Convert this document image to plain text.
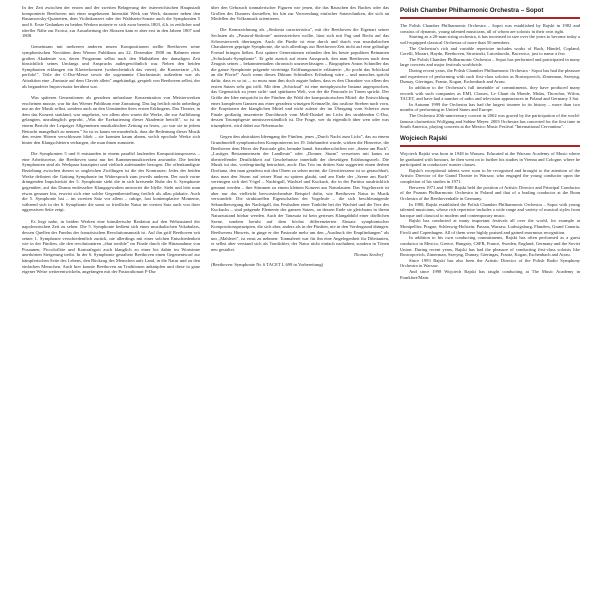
In der Zeit zwischen der ersten und der zweiten Belagerung der österreichischen Hauptstadt komponierte Beethoven mit einer ungeheuren Intensität Werk um Werk, darunter neben den Rasumowsky-Quartetten, dem Violinkonzert oder der Waldstein-Sonate auch die Symphonien 5 und 6. Erste Gedanken zu beiden Werken notierte er sich zwar bereits 1803, d.h. in zeitlicher und ideeller Nähe zur Eroica, zur Ausarbeitung der Skizzen kam er aber erst in den Jahren 1807 und 1808.

Gemeinsam mit mehreren anderen neuen Kompositionen stellte Beethoven seine symphonischen Novitäten dem Wiener Publikum am 22. Dezember 1808 im Rahmen einer großen Akademie vor, deren Programm selbst nach den Maßstäben der damaligen Zeit hinsichtlich seines Umfangs und Anspruchs außergewöhnlich war. Neben den beiden Symphonien erklangen ein Klavierkonzert (wahrscheinlich das vierte), die Konzertarie „Ah, perfido!", Teile der C-Dur-Messe sowie die sogenannte Chorfantasie; außerdem war als Attraktion eine „Fantasie auf dem Claviér allein" angekündigt, gespielt von Beethoven selbst, der als begnadeter Improvisator berühmt war.

Was späteren Generationen als geradezu unfassbare Konzentration von Meisterwerken erscheinen musste, war für das Wiener Publikum eine Zumutung. Das lag freilich nicht unbedingt nur an der Musik selbst, sondern auch an den Umständen ihres ersten Erklingens. Das Theater, in dem das Konzert stattfand, war ungeheizt, vor allem aber waren die Werke, die zur Aufführung gelangten, unzulänglich geprobt. „Was die Exekutierung dieser Akademie betrifft", so ist in einem Bericht der Leipziger Allgemeinen musikalischen Zeitung zu lesen, „so war sie in jedem Betracht mangelhaft zu nennen." So ist es kaum verwunderlich, dass die Bedeutung dieser Musik den ersten Hörern verschlossen blieb – sie konnten kaum ahnen, welch epochale Werke sich hinter den Klangschleiern verbargen, die man ihnen zumutete.

Die Symphonien 5 und 6 entstanden in einem parallel laufenden Kompositionsprozess – eine Arbeitsweise, die Beethoven sonst nur bei Kammermusikwerken anwandte. Die beiden Symphonien sind als Werkpaar konzipiert und vielfach aufeinander bezogen. Die offenkundigste Beziehung zwischen diesen so ungleichen Zwillingen ist die des Kontrastes: Jedes der beiden Werke definiert die Gattung Symphonie im Widerspruch zum jeweils anderen. Der nach vorne drängenden Impulsivität der 5. Symphonie steht die in sich kreisende Ruhe der 6. Symphonie gegenüber, auf das Drama entfesselter Klangsgewalten antwortet die Idylle. Sieht und hört man etwas genauer hin, erweist sich eine solche Gegenüberstellung freilich als allzu plakativ. Auch die 5. Symphonie hat – im zweiten Satz vor allem – ruhige, fast kontemplative Momente, während sich in der 6. Symphonie die sonst so friedliche Natur im vierten Satz auch von ihrer aggressiven Seite zeigt.

Es liegt nahe, in beiden Werken eine künstlerische Reaktion auf den Weltzustand der napoleonischen Zeit zu sehen. Die 5. Symphonie bedient sich eines musikalischen Vokabulars, dessen Quellen der Fundus der französischen Revolutionsmusik ist. Auf ihn griff Beethoven seit seiner 1. Symphonie verschiedentlich zurück, nie allerdings mit einer solchen Entschiedenheit wie in der Fünften, die den revolutionären „élan terrible" im Finale durch die Hinzunahme von Posaunen, Piccoloflöte und Kontrafagott auch klanglich zu einer bis dahin im Wortsinne unerhörten Steigerung treibt. In der 6. Symphonie gestaltete Beethoven einen Gegenentwurf zur kämpferischen Seite des Lebens, den Rückzug des Menschen aufs Land, in die Natur und zu den einfachen Menschen. Auch hier konnte Beethoven an Traditionen anknüpfen und diese in ganz eigener Weise weiterentwickeln, angefangen mit der Pastoraltonart F-Dur

über den Gebrauch tonmalerischer Figuren wie jenen, die das Rauschen des Baches oder das Grollen des Donners darstellen, bis hin zur Verwendung einfacher Satztechniken, die sich an Modellen der Volksmusik orientieren.

Die Kennzeichnung als „Sinfonia caracteristica", mit der Beethoven die Eigenart seiner Sechsten als „Pastoral-Sinfonie" unterstreichen wollte, lässt sich mit Fug und Recht auf das Schwesterwerk übertragen. Auch die Fünfte ist eine durch und durch von musikalischen Charakteren geprägte Symphonie, die sich allerdings zur Beethoven-Zeit nicht auf eine geläufige Formel bringen ließen. Erst spätere Generationen erfanden den bis heute populären Beinamen „Schicksals-Symphonie". Er geht zurück auf einen Ausspruch, den man Beethoven nach dem Zeugnis seines – bekanntermaßen chronisch unzuverlässigen – Biographen Anton Schindler das die ganze Symphonie prägende viertönige Eröffnungsmotiv erläuterte: „So pocht das Schicksal an die Pforte!" Auch wenn dieses Diktum Schindlers Erfindung wäre – und manches spricht dafür, dass es so ist –, so muss man ihm doch zugute halten, dass es den Charakter vor allem des ersten Satzes sehr gut trifft. Mit dem „Schicksal" ist eine metaphysische Instanz angesprochen, das Gegenstück zu jener sicht- und spürbaren Welt, von der die Pastorale in Tönen spricht. Der Größe der Idee entspricht in der Fünften die Wahl der kompositorischen Mittel: die Entwicklung eines komplexen Ganzen aus einer geradezu winzigen Keimzelle, das rastlose Streben nach vorn, die Eruptionen der klanglichen Mittel und nicht zuletzt der im Übergang vom Scherzo zum Finale großartig inszenierte Durchbruch vom Moll-Dunkel ins Licht des strahlenden C-Dur, dessen Triumphgeste unmissverständlich ist. Die Frage, wer da eigentlich über wen oder was triumphiert, wird dabei zur Nebensache.

Gegen den abstrakten Ideengang der Fünften, jenes „Durch Nacht zum Licht", das zu einem Grundmodell symphonischen Komponierens im 19. Jahrhundert wurde, wirken die Hinweise, die Beethoven dem Hörer der Pastorale gibt, beinahe banal. Satzüberschriften wie „Szene am Bach", „Lustiges Beisammensein der Landleute" oder „Donner. Sturm" verweisen mit kaum zu übertreffender Deutlichkeit auf Geschehnisse innerhalb der dieseitigen Erfahrungswelt. Die Musik tut das, vordergründig betrachtet, auch: Das Trio im dritten Satz suggeriert einen derben Dorftanz, den man geradezu mit den Ohren zu sehen meint; die Gewitterszene ist so getauchhaft, dass man den Sturm auf seiner Haut zu spüren glaubt, und am Ende der „Szene am Bach" vereinigen sich drei Vögel – Nachtigall, Wachtel und Kuckuck, die in der Partitur ausdrücklich genannt werden – ihre Stimmen zu einem kleinen Konzert aus Naturlauten. Das Vogelterzett ist aber nur das vielleicht hervorstechendste Beispiel dafür, wie Beethoven Natur in Musik verwandelt: Die strukturellen Eigenschaften der Vogelrufe – die sich beschleunigende Sekundbewegung der Nachtigall, das Festhalten einer Tonhöhe bei der Wachtel und die Terz des Kuckucks – sind prägende Elemente des ganzen Satzes, an dessen Ende sie gleichsam in ihrem Naturzustand hörbar werden. Auch der Tanzsatz ist kein getreues Klangabbild einer dörflichen Szene, sondern beruht auf dem höchst differenzierten Einsatz symphonischer Kompositionsprinzipien, die sich aber, anders als in der Fünften, nie in den Vordergrund drängen. Beethovens Hinweis, in ginge er der Pastorale mehr um den „Ausdruck der Empfindungen" als um „Mahlerei", ist ernst zu nehmen: Tonmalerei war für ihn eine Angelegenheit für Dilettanten, er selbst aber verstand sich als Tondichter, der Natur nicht einfach nachahmt, sondern in Tönen neu gestaltet.

Thomas Seedorf

(Beethoven: Symphonie Nr. 6 TACET L 699 in Vorbereitung)

Polish Chamber Philharmonic Orchestra – Sopot

The Polish Chamber Philharmonic Orchestra – Sopot was established by Rajski in 1982 and consists of dynamic, young talented musicians, all of whom are soloists in their own right.

Starting as a 20-man string orchestra, it has increased in size over the years to become today a well-equipped classical Orchestra of more than 50 members.

The Orchestra's rich and variable repertoire includes works of Bach, Händel, Copland, Corelli, Mozart, Haydn, Beethoven, Stravinski, Lutosławski, Bacewicz, just to name a few.

The Polish Chamber Philharmonic Orchestra – Sopot has performed and participated in many large concerts and major festivals worldwide.

During recent years, the Polish Chamber Philharmonic Orchestra - Sopot has had the pleasure and experience of performing with such first-class soloists as Rostropovich, Zimerman, Szeryng, Dumay, Gieringas, Frantz, Kogan, Eschenbach and Arrau.

In addition to the Orchestra's full timetable of commitments, they have produced many records with such companies as EMI, Classes, Le Chant du Monde, Midas, Thorofon, Wifon, TACET, and have had a number of radio and television appearances in Poland and Germany 3 Sat.

In Autumn 1999 the Orchestra has had the largest tournee in its history – more than two months of performing in United States and Europe.

The Orchestra 20th-anniversary concert in 2002 was graced by the participation of the world-famous clarinettists Wolfgang and Sabine Meyer. 2003 Orchestra has concerted for the first time in South America, playing concerts at the Mexico Music Festival "International Cervantino".

Wojciech Rajski

Wojciech Rajski was born in 1948 in Warsaw. Educated at the Warsaw Academy of Music where he graduated with honours, he then went on to further his studies in Vienna and Cologne, where he participated in conductors' master classes.

Rajski's exceptional talents were soon to be recognised and brought to the attention of the Artistic Director of the Grand Theatre in Warsaw, who engaged the young conductor upon the completion of his studies in 1971.

Between 1971 and 1980 Rajski held the position of Artistic Director and Principal Conductor of the Poznan Philharmonic Orchestra in Poland and that of a leading conductor at the Bonn Orchestra of the Beethovenhalle in Germany.

In 1980, Rajski established the Polish Chamber Philharmonic Orchestra – Sopot with young talented musicians, whose rich repertoire includes a wide range and variety of musical styles from baroque and classical to modern and contemporary music.

Rajski has conducted at many important festivals all over the world, for example at Montpellier, Prague, Schleswig-Holstein, Passau, Warsaw, Ludwigsburg, Flanders, Grand Canaria, Fivoli and Copenhagen. All of them were highly praised and gained enormous recognition.

In addition to his own conducting commitments, Rajski has often performed as a guest conductor in Mexico, Greece, Hungary, CSFR, France, Sweden, England, Germany and the Soviet Union. During recent years, Rajski has had the pleasure of conducting first-class soloists like Rostropovich, Zimerman, Szeryng, Dumay, Gieringas, Frantz, Kogan, Eschenbach and Arrau.

Since 1993 Rajski has also been the Artistic Director of the Polish Radio Symphony Orchestra in Warsaw.

And since 1998 Wojciech Rajski has taught conducting at The Music Academy in Frankfurt/Main.
